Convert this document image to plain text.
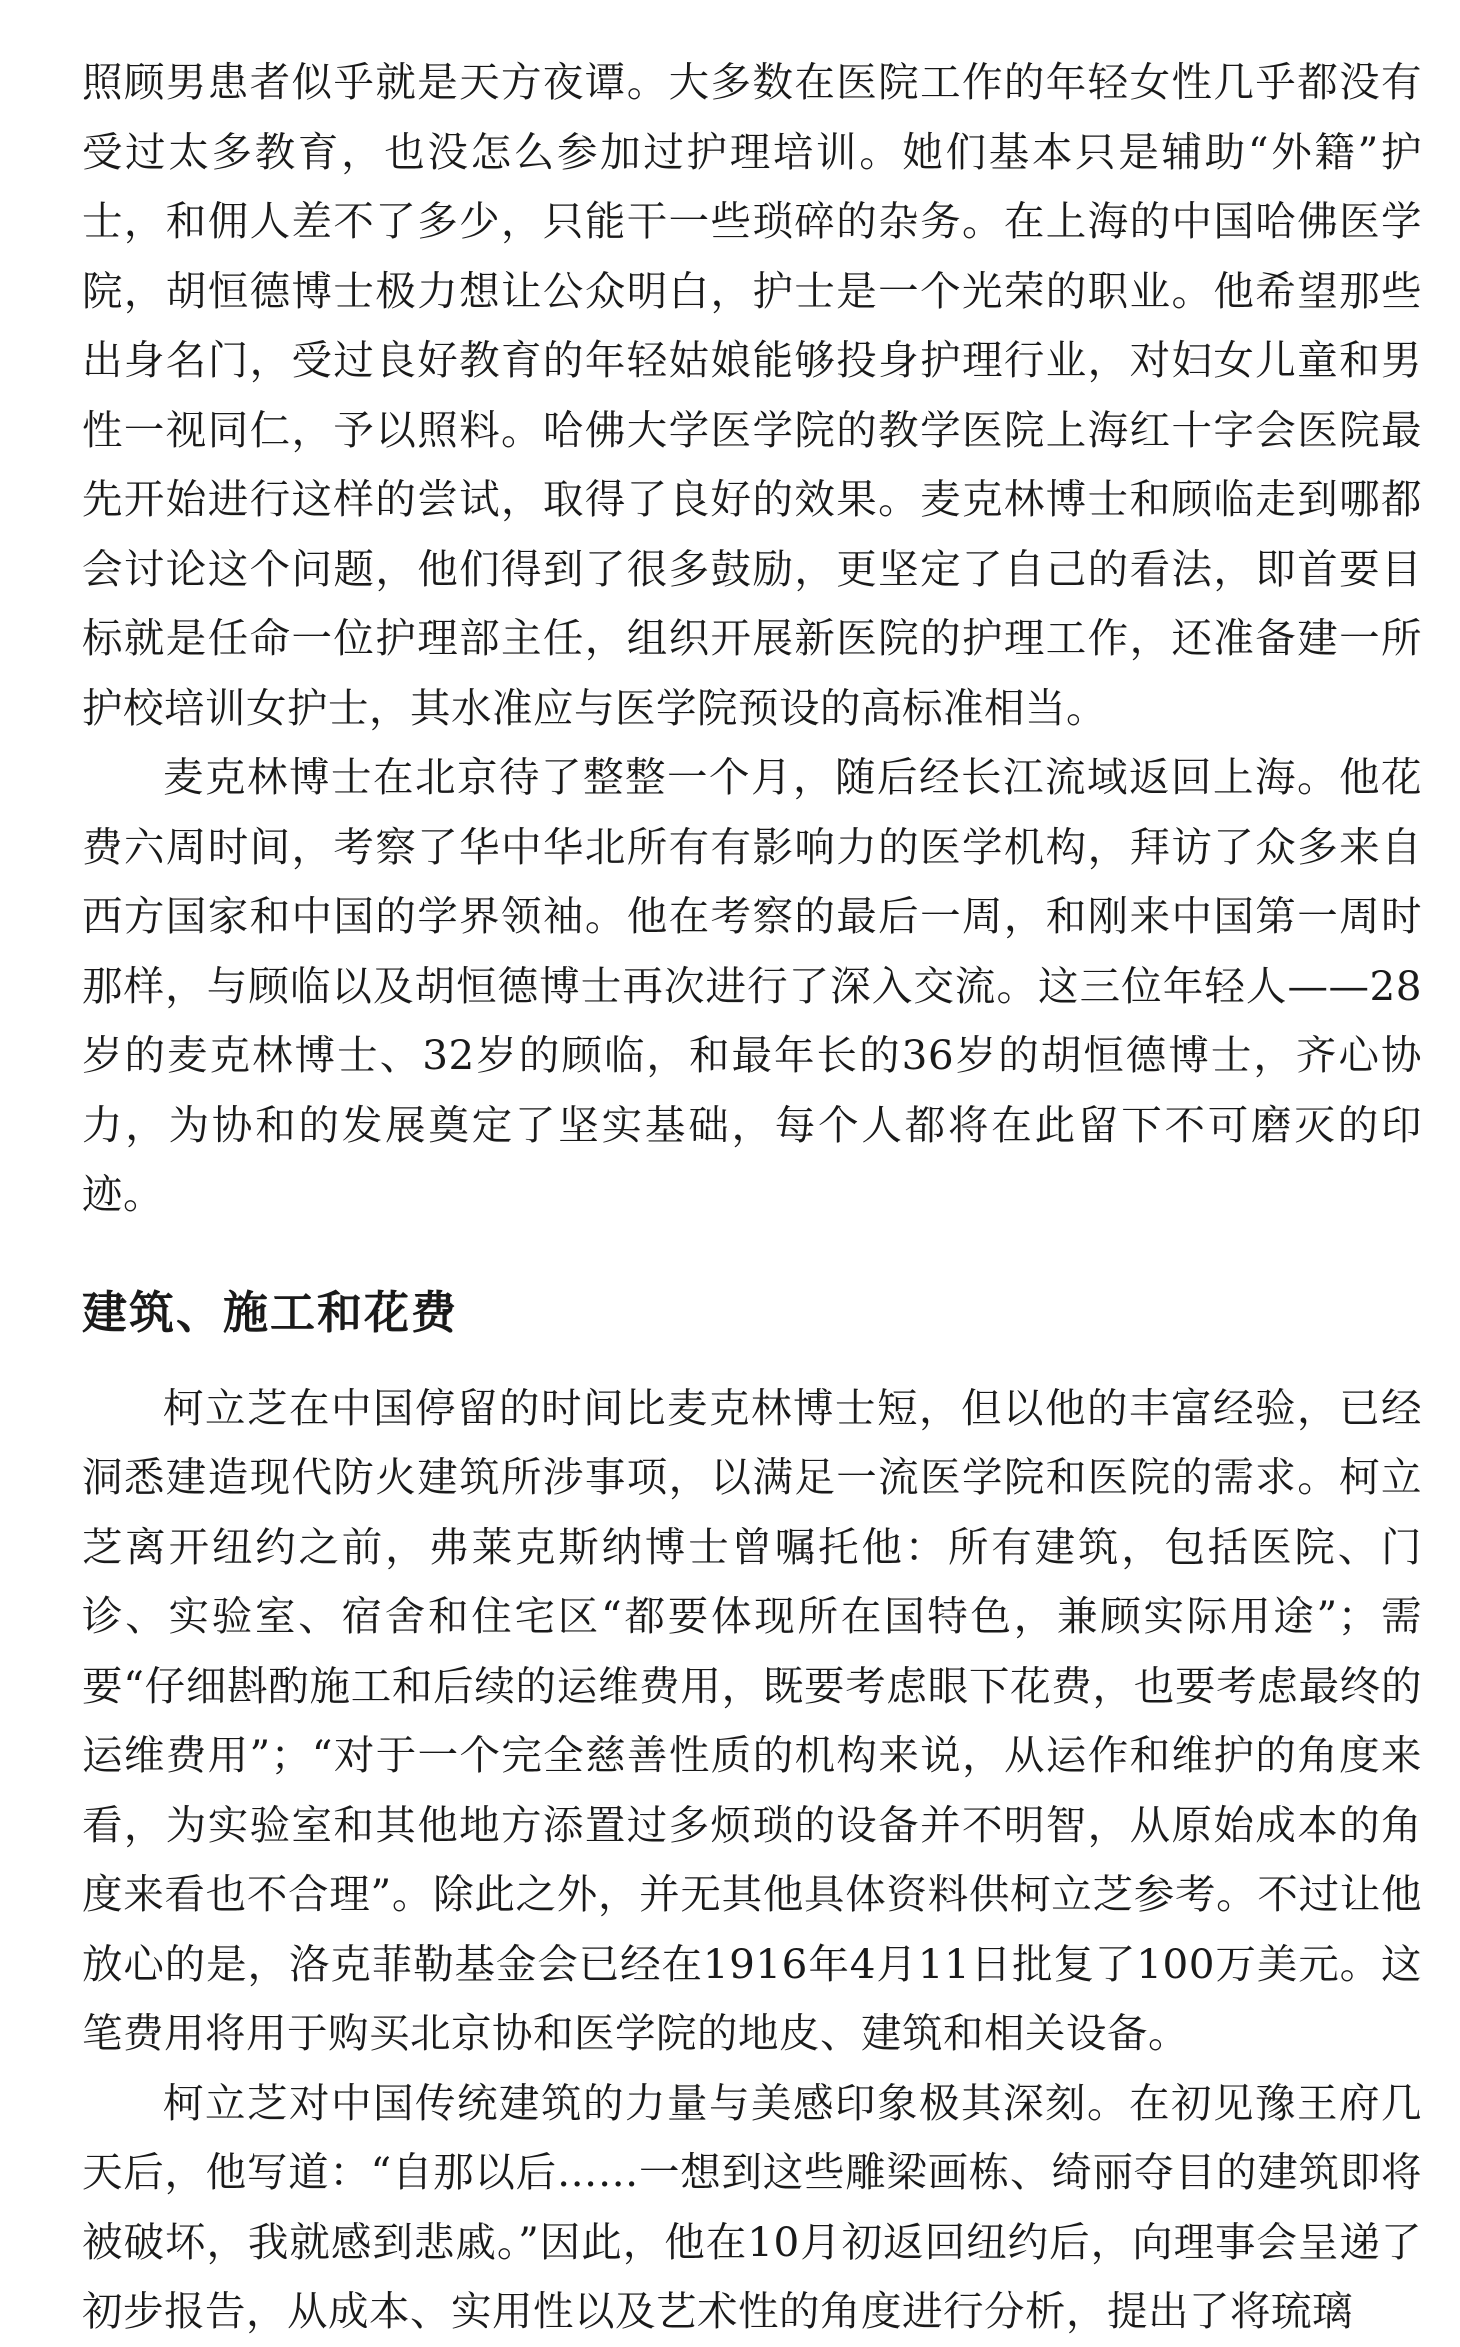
照顾男患者似乎就是天方夜谭。大多数在医院工作的年轻女性几乎都没有受过太多教育，也没怎么参加过护理培训。她们基本只是辅助“外籍”护士，和佣人差不了多少，只能干一些琐碎的杂务。在上海的中国哈佛医学院，胡恒德博士极力想让公众明白，护士是一个光荣的职业。他希望那些出身名门，受过良好教育的年轻姑娘能够投身护理行业，对妇女儿童和男性一视同仁，予以照料。哈佛大学医学院的教学医院上海红十字会医院最先开始进行这样的尝试，取得了良好的效果。麦克林博士和顾临走到哪都会讨论这个问题，他们得到了很多鼓励，更坚定了自己的看法，即首要目标就是任命一位护理部主任，组织开展新医院的护理工作，还准备建一所护校培训女护士，其水准应与医学院预设的高标准相当。

麦克林博士在北京待了整整一个月，随后经长江流域返回上海。他花费六周时间，考察了华中华北所有有影响力的医学机构，拜访了众多来自西方国家和中国的学界领袖。他在考察的最后一周，和刚来中国第一周时那样，与顾临以及胡恒德博士再次进行了深入交流。这三位年轻人——28岁的麦克林博士、32岁的顾临，和最年长的36岁的胡恒德博士，齐心协力，为协和的发展奠定了坚实基础，每个人都将在此留下不可磨灭的印迹。

建筑、施工和花费

柯立芝在中国停留的时间比麦克林博士短，但以他的丰富经验，已经洞悉建造现代防火建筑所涉事项，以满足一流医学院和医院的需求。柯立芝离开纽约之前，弗莱克斯纳博士曾嘱托他：所有建筑，包括医院、门诊、实验室、宿舍和住宅区“都要体现所在国特色，兼顾实际用途”；需要“仔细斟酌施工和后续的运维费用，既要考虑眼下花费，也要考虑最终的运维费用”；“对于一个完全慈善性质的机构来说，从运作和维护的角度来看，为实验室和其他地方添置过多烦琐的设备并不明智，从原始成本的角度来看也不合理”。除此之外，并无其他具体资料供柯立芝参考。不过让他放心的是，洛克菲勒基金会已经在1916年4月11日批复了100万美元。这笔费用将用于购买北京协和医学院的地皮、建筑和相关设备。

柯立芝对中国传统建筑的力量与美感印象极其深刻。在初见豫王府几天后，他写道：“自那以后……一想到这些雕梁画栋、绮丽夺目的建筑即将被破坏，我就感到悲戚。”因此，他在10月初返回纽约后，向理事会呈递了初步报告，从成本、实用性以及艺术性的角度进行分析，提出了将琉璃
